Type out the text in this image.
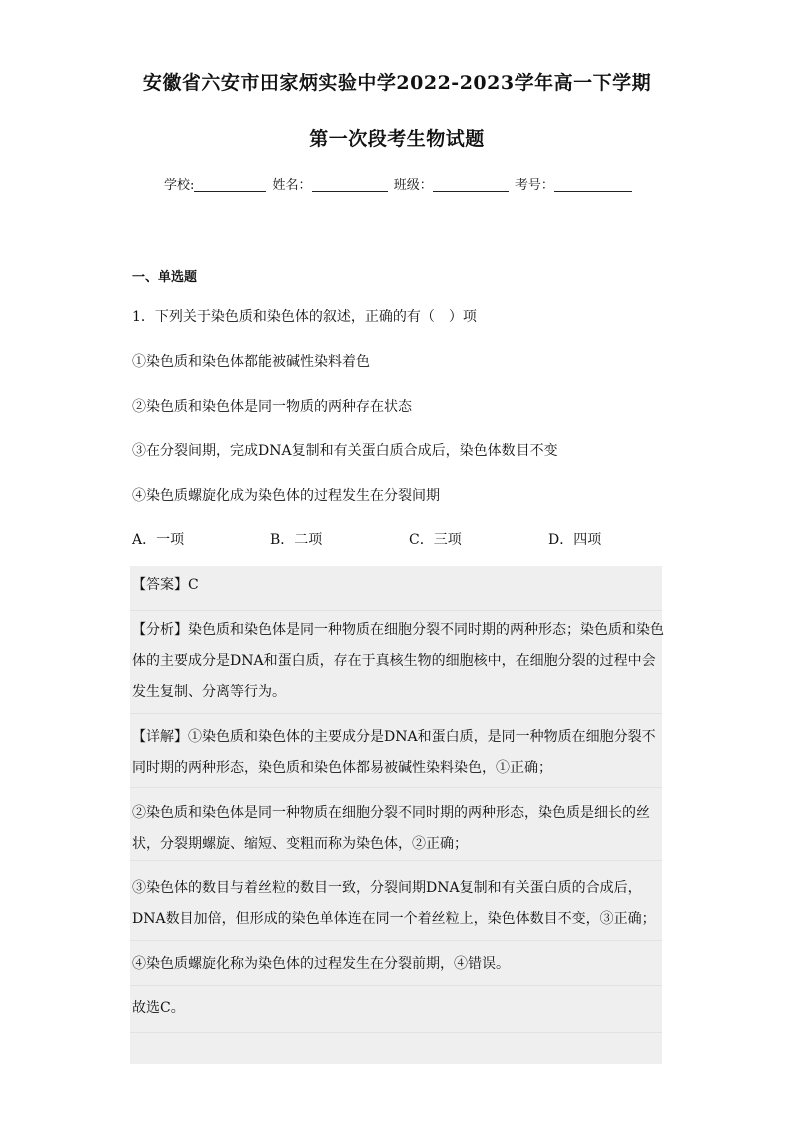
安徽省六安市田家炳实验中学2022-2023学年高一下学期
第一次段考生物试题
学校:	姓名：	班级：	考号：
一、单选题
1．下列关于染色质和染色体的叙述，正确的有（　）项
①染色质和染色体都能被碱性染料着色
②染色质和染色体是同一物质的两种存在状态
③在分裂间期，完成DNA复制和有关蛋白质合成后，染色体数目不变
④染色质螺旋化成为染色体的过程发生在分裂间期
A．一项	B．二项	C．三项	D．四项
【答案】C
【分析】染色质和染色体是同一种物质在细胞分裂不同时期的两种形态；染色质和染色
体的主要成分是DNA和蛋白质，存在于真核生物的细胞核中，在细胞分裂的过程中会
发生复制、分离等行为。
【详解】①染色质和染色体的主要成分是DNA和蛋白质，是同一种物质在细胞分裂不
同时期的两种形态，染色质和染色体都易被碱性染料染色，①正确；
②染色质和染色体是同一种物质在细胞分裂不同时期的两种形态，染色质是细长的丝
状，分裂期螺旋、缩短、变粗而称为染色体，②正确；
③染色体的数目与着丝粒的数目一致，分裂间期DNA复制和有关蛋白质的合成后，
DNA数目加倍，但形成的染色单体连在同一个着丝粒上，染色体数目不变，③正确；
④染色质螺旋化称为染色体的过程发生在分裂前期，④错误。
故选C。
